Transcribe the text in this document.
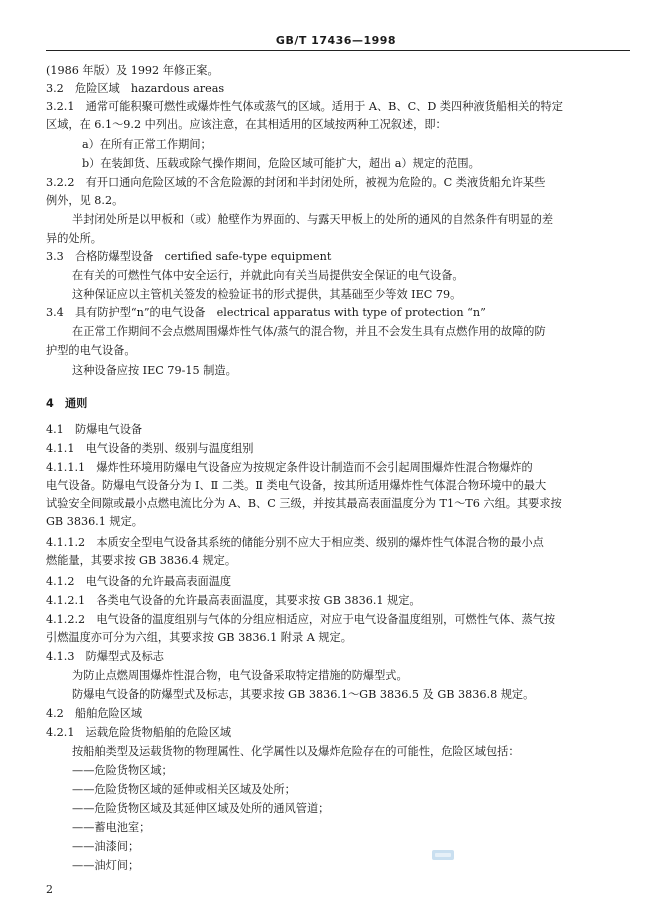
GB/T 17436—1998
(1986 年版）及 1992 年修正案。
3.2　危险区域　hazardous areas
3.2.1　通常可能积聚可燃性或爆炸性气体或蒸气的区域。适用于 A、B、C、D 类四种液货船相关的特定
区域，在 6.1～9.2 中列出。应该注意，在其相适用的区域按两种工况叙述，即：
a）在所有正常工作期间；
b）在装卸货、压载或除气操作期间，危险区域可能扩大，超出 a）规定的范围。
3.2.2　有开口通向危险区域的不含危险源的封闭和半封闭处所，被视为危险的。C 类液货船允许某些
例外，见 8.2。
半封闭处所是以甲板和（或）舱壁作为界面的、与露天甲板上的处所的通风的自然条件有明显的差
异的处所。
3.3　合格防爆型设备　certified safe-type equipment
在有关的可燃性气体中安全运行，并就此向有关当局提供安全保证的电气设备。
这种保证应以主管机关签发的检验证书的形式提供，其基础至少等效 IEC 79。
3.4　具有防护型“n”的电气设备　electrical apparatus with type of protection “n”
在正常工作期间不会点燃周围爆炸性气体/蒸气的混合物，并且不会发生具有点燃作用的故障的防
护型的电气设备。
这种设备应按 IEC 79-15 制造。
4　通则
4.1　防爆电气设备
4.1.1　电气设备的类别、级别与温度组别
4.1.1.1　爆炸性环境用防爆电气设备应为按规定条件设计制造而不会引起周围爆炸性混合物爆炸的
电气设备。防爆电气设备分为 Ⅰ、Ⅱ 二类。Ⅱ 类电气设备，按其所适用爆炸性气体混合物环境中的最大
试验安全间隙或最小点燃电流比分为 A、B、C 三级，并按其最高表面温度分为 T1～T6 六组。其要求按
GB 3836.1 规定。
4.1.1.2　本质安全型电气设备其系统的储能分别不应大于相应类、级别的爆炸性气体混合物的最小点
燃能量，其要求按 GB 3836.4 规定。
4.1.2　电气设备的允许最高表面温度
4.1.2.1　各类电气设备的允许最高表面温度，其要求按 GB 3836.1 规定。
4.1.2.2　电气设备的温度组别与气体的分组应相适应，对应于电气设备温度组别，可燃性气体、蒸气按
引燃温度亦可分为六组，其要求按 GB 3836.1 附录 A 规定。
4.1.3　防爆型式及标志
为防止点燃周围爆炸性混合物，电气设备采取特定措施的防爆型式。
防爆电气设备的防爆型式及标志，其要求按 GB 3836.1～GB 3836.5 及 GB 3836.8 规定。
4.2　船舶危险区域
4.2.1　运载危险货物船舶的危险区域
按船舶类型及运载货物的物理属性、化学属性以及爆炸危险存在的可能性，危险区域包括：
——危险货物区域；
——危险货物区域的延伸或相关区域及处所；
——危险货物区域及其延伸区域及处所的通风管道；
——蓄电池室；
——油漆间；
——油灯间；
2
